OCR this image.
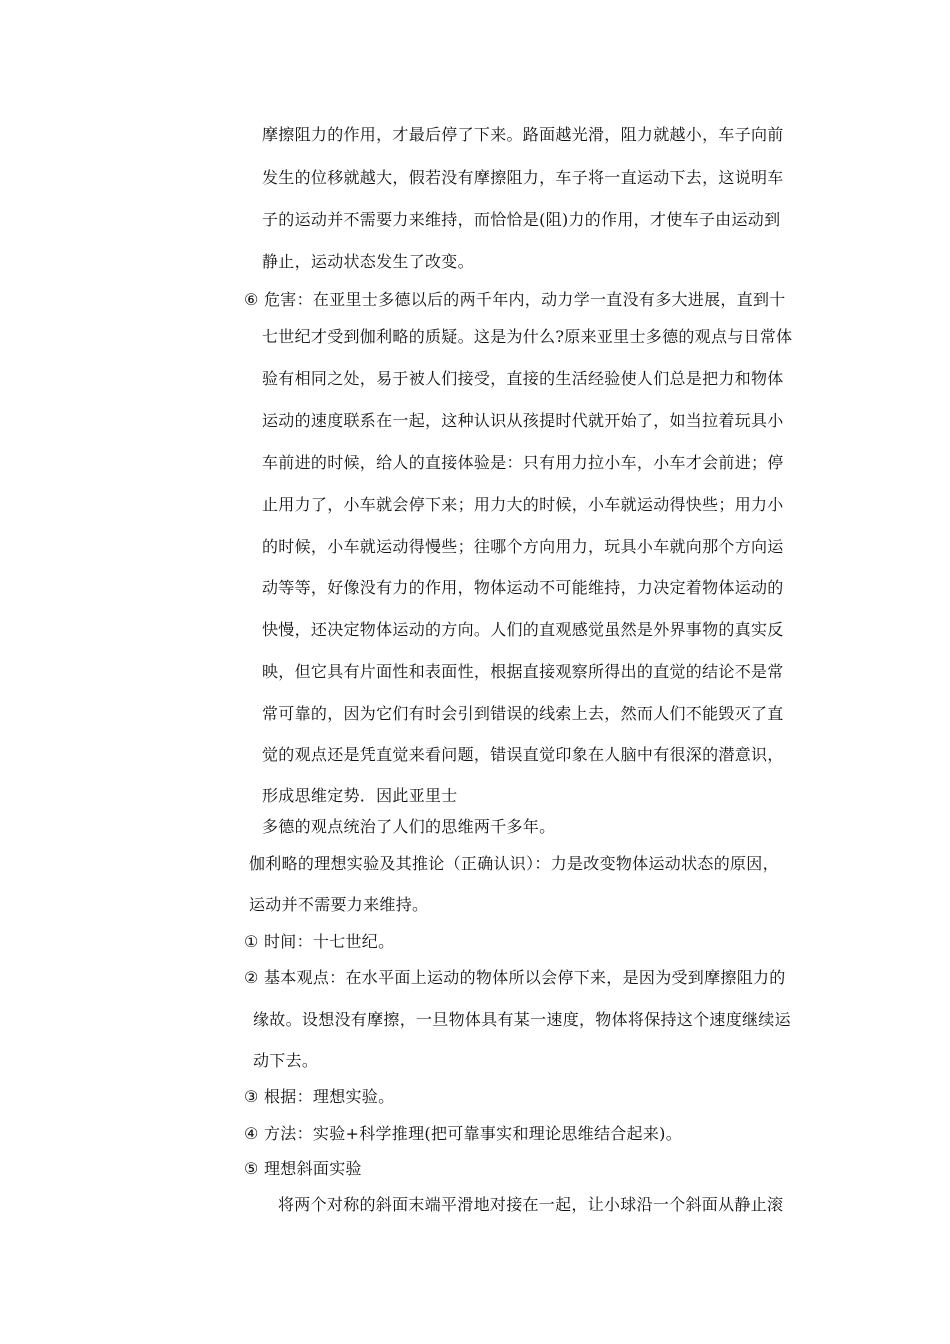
摩擦阻力的作用，才最后停了下来。路面越光滑，阻力就越小，车子向前
发生的位移就越大，假若没有摩擦阻力，车子将一直运动下去，这说明车
子的运动并不需要力来维持，而恰恰是(阻)力的作用，才使车子由运动到
静止，运动状态发生了改变。
⑥ 危害：在亚里士多德以后的两千年内，动力学一直没有多大进展，直到十
七世纪才受到伽利略的质疑。这是为什么?原来亚里士多德的观点与日常体
验有相同之处，易于被人们接受，直接的生活经验使人们总是把力和物体
运动的速度联系在一起，这种认识从孩提时代就开始了，如当拉着玩具小
车前进的时候，给人的直接体验是：只有用力拉小车，小车才会前进；停
止用力了，小车就会停下来；用力大的时候，小车就运动得快些；用力小
的时候，小车就运动得慢些；往哪个方向用力，玩具小车就向那个方向运
动等等，好像没有力的作用，物体运动不可能维持，力决定着物体运动的
快慢，还决定物体运动的方向。人们的直观感觉虽然是外界事物的真实反
映，但它具有片面性和表面性，根据直接观察所得出的直觉的结论不是常
常可靠的，因为它们有时会引到错误的线索上去，然而人们不能毁灭了直
觉的观点还是凭直觉来看问题，错误直觉印象在人脑中有很深的潜意识，
形成思维定势．因此亚里士
多德的观点统治了人们的思维两千多年。
伽利略的理想实验及其推论（正确认识）：力是改变物体运动状态的原因，
运动并不需要力来维持。
① 时间：十七世纪。
② 基本观点：在水平面上运动的物体所以会停下来，是因为受到摩擦阻力的
缘故。设想没有摩擦，一旦物体具有某一速度，物体将保持这个速度继续运
动下去。
③ 根据：理想实验。
④ 方法：实验+科学推理(把可靠事实和理论思维结合起来)。
⑤ 理想斜面实验
将两个对称的斜面末端平滑地对接在一起，让小球沿一个斜面从静止滚
